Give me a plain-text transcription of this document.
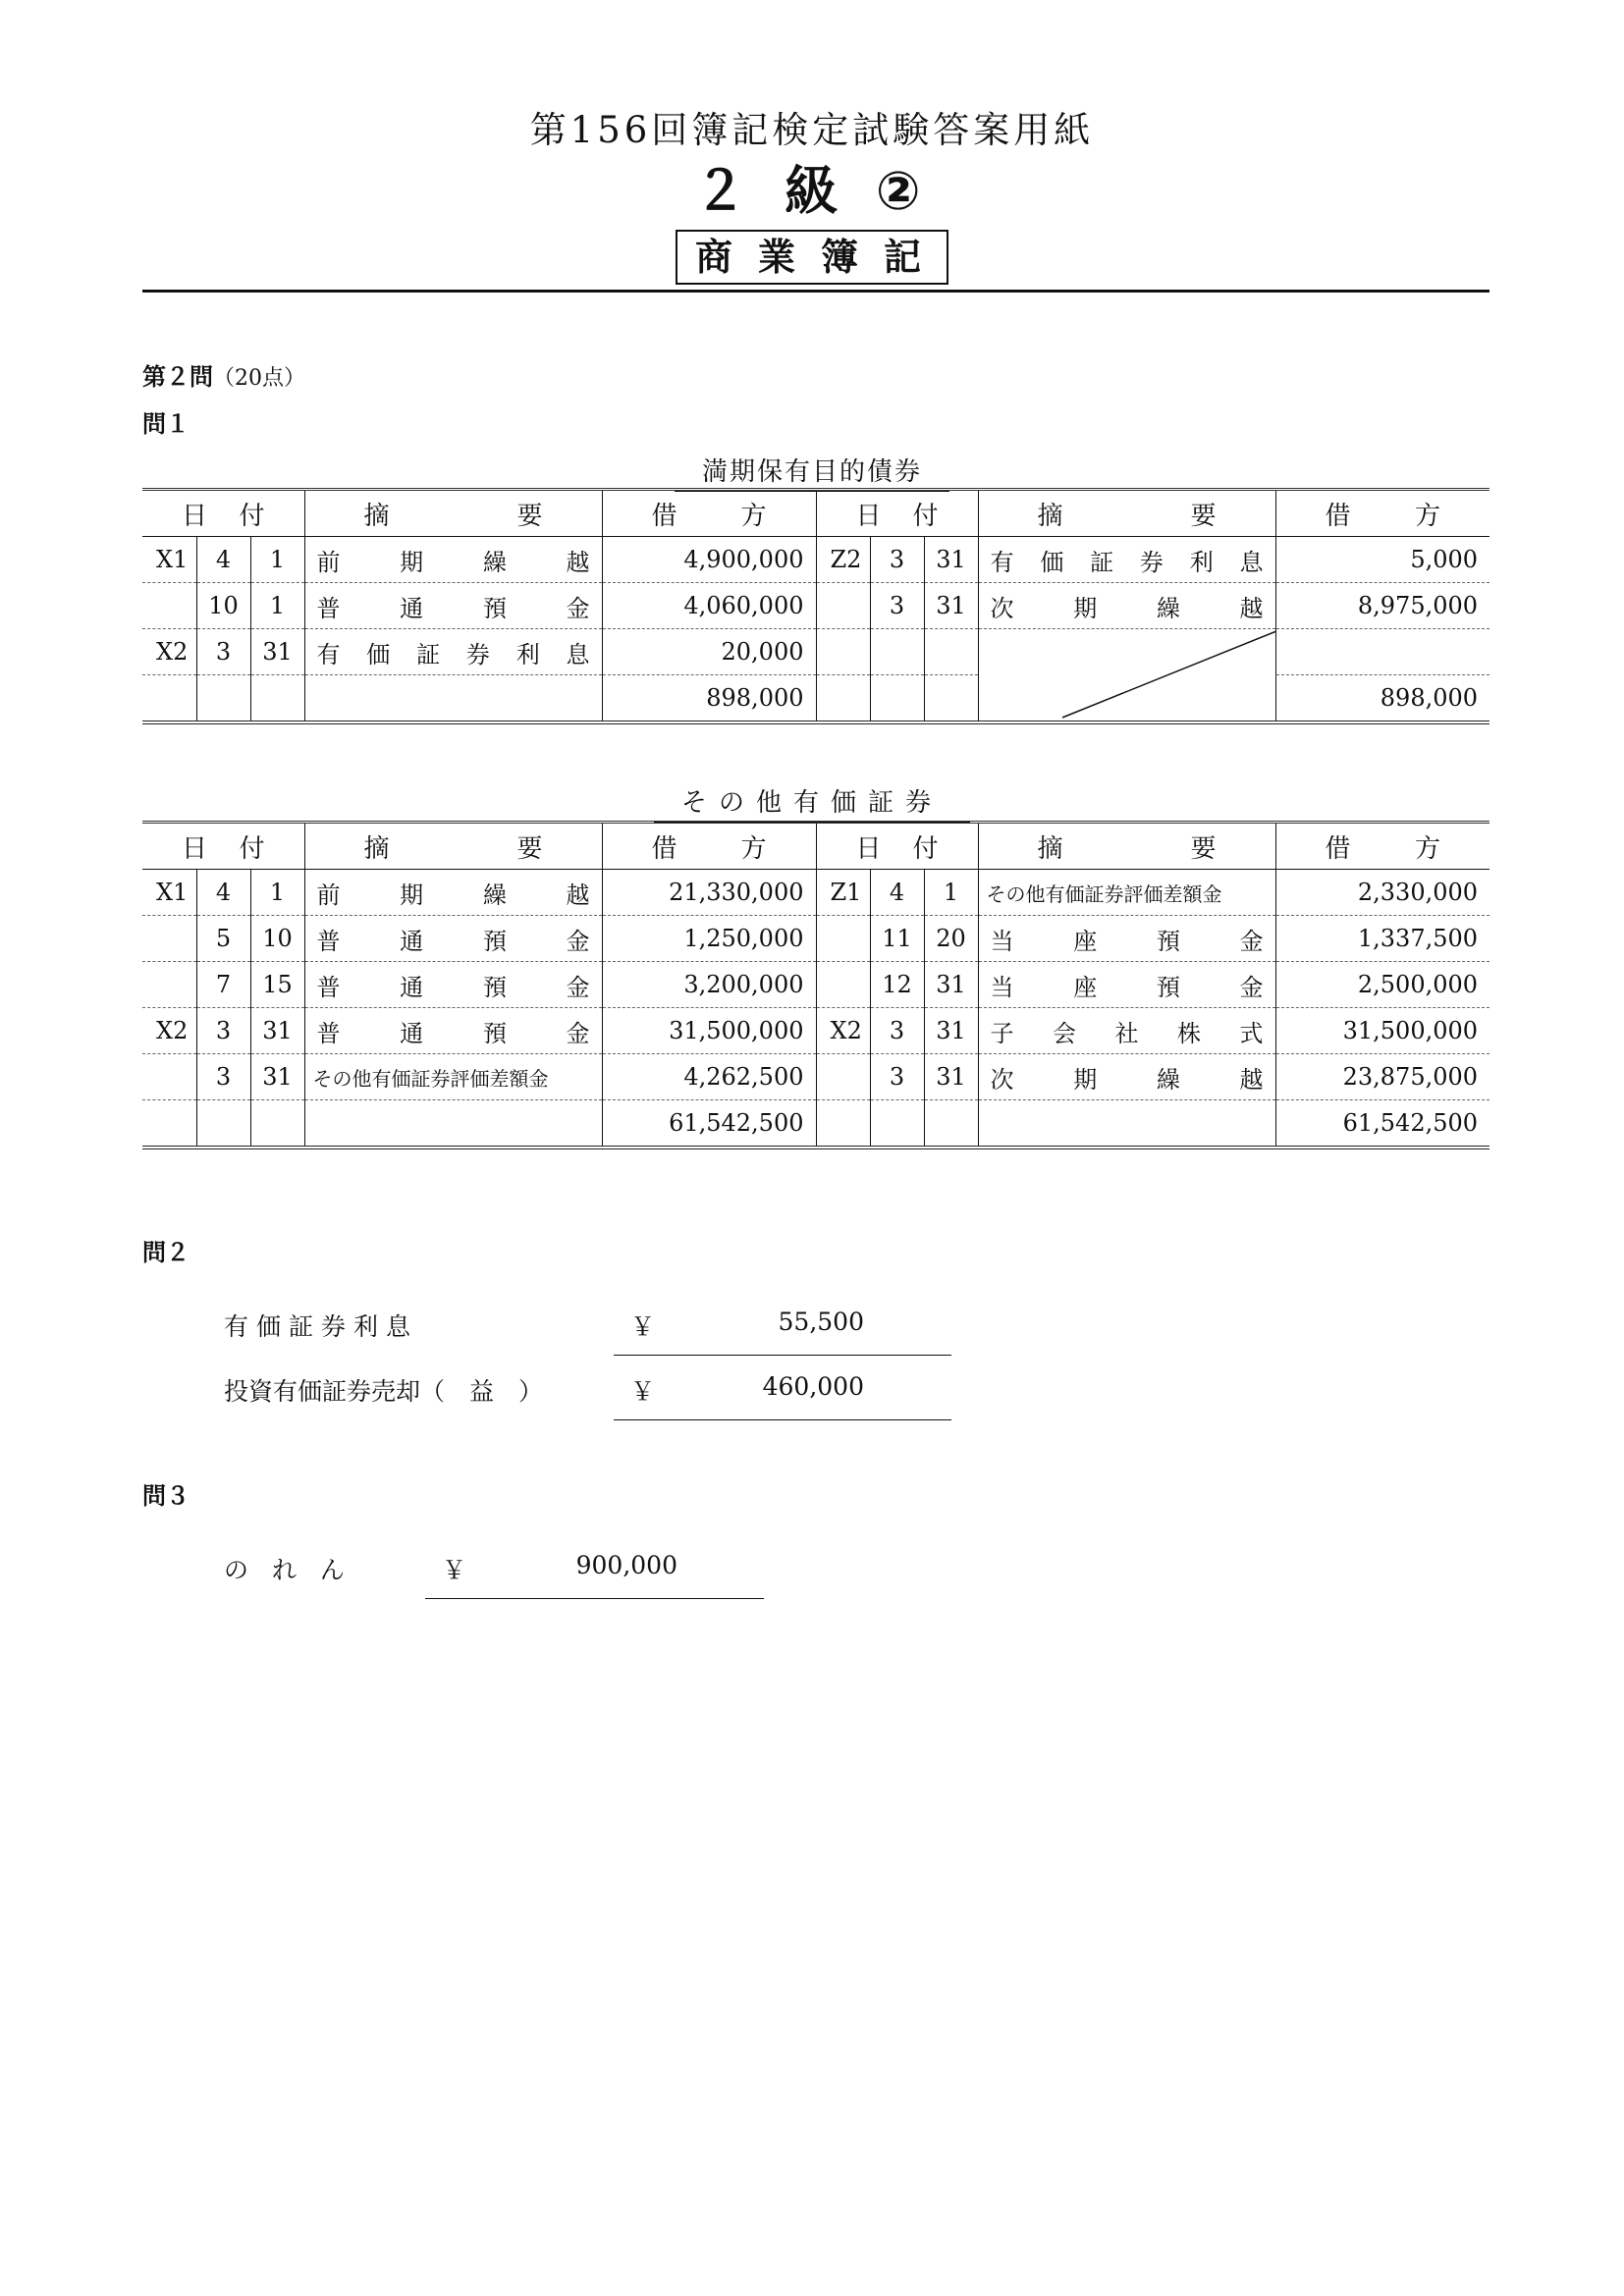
第156回簿記検定試験答案用紙
２ 級 ②
商業簿記
第２問（20点）
問１
満期保有目的債券
日付			摘要	借方	日付			摘要	借方
X1	4	1	前期繰越	4,900,000	Z2	3	31	有価証券利息	5,000
	10	1	普通預金	4,060,000		3	31	次期繰越	8,975,000
X2	3	31	有価証券利息	20,000				

				898,000					898,000
その他有価証券
日付			摘要	借方	日付			摘要	借方
X1	4	1	前期繰越	21,330,000	Z1	4	1	その他有価証券評価差額金	2,330,000
	5	10	普通預金	1,250,000		11	20	当座預金	1,337,500
	7	15	普通預金	3,200,000		12	31	当座預金	2,500,000
X2	3	31	普通預金	31,500,000	X2	3	31	子会社株式	31,500,000
	3	31	その他有価証券評価差額金	4,262,500		3	31	次期繰越	23,875,000
				61,542,500					61,542,500
問２
有価証券利息	￥	55,500
投資有価証券売却（　益　）	￥	460,000
問３
の れ ん	￥	900,000
